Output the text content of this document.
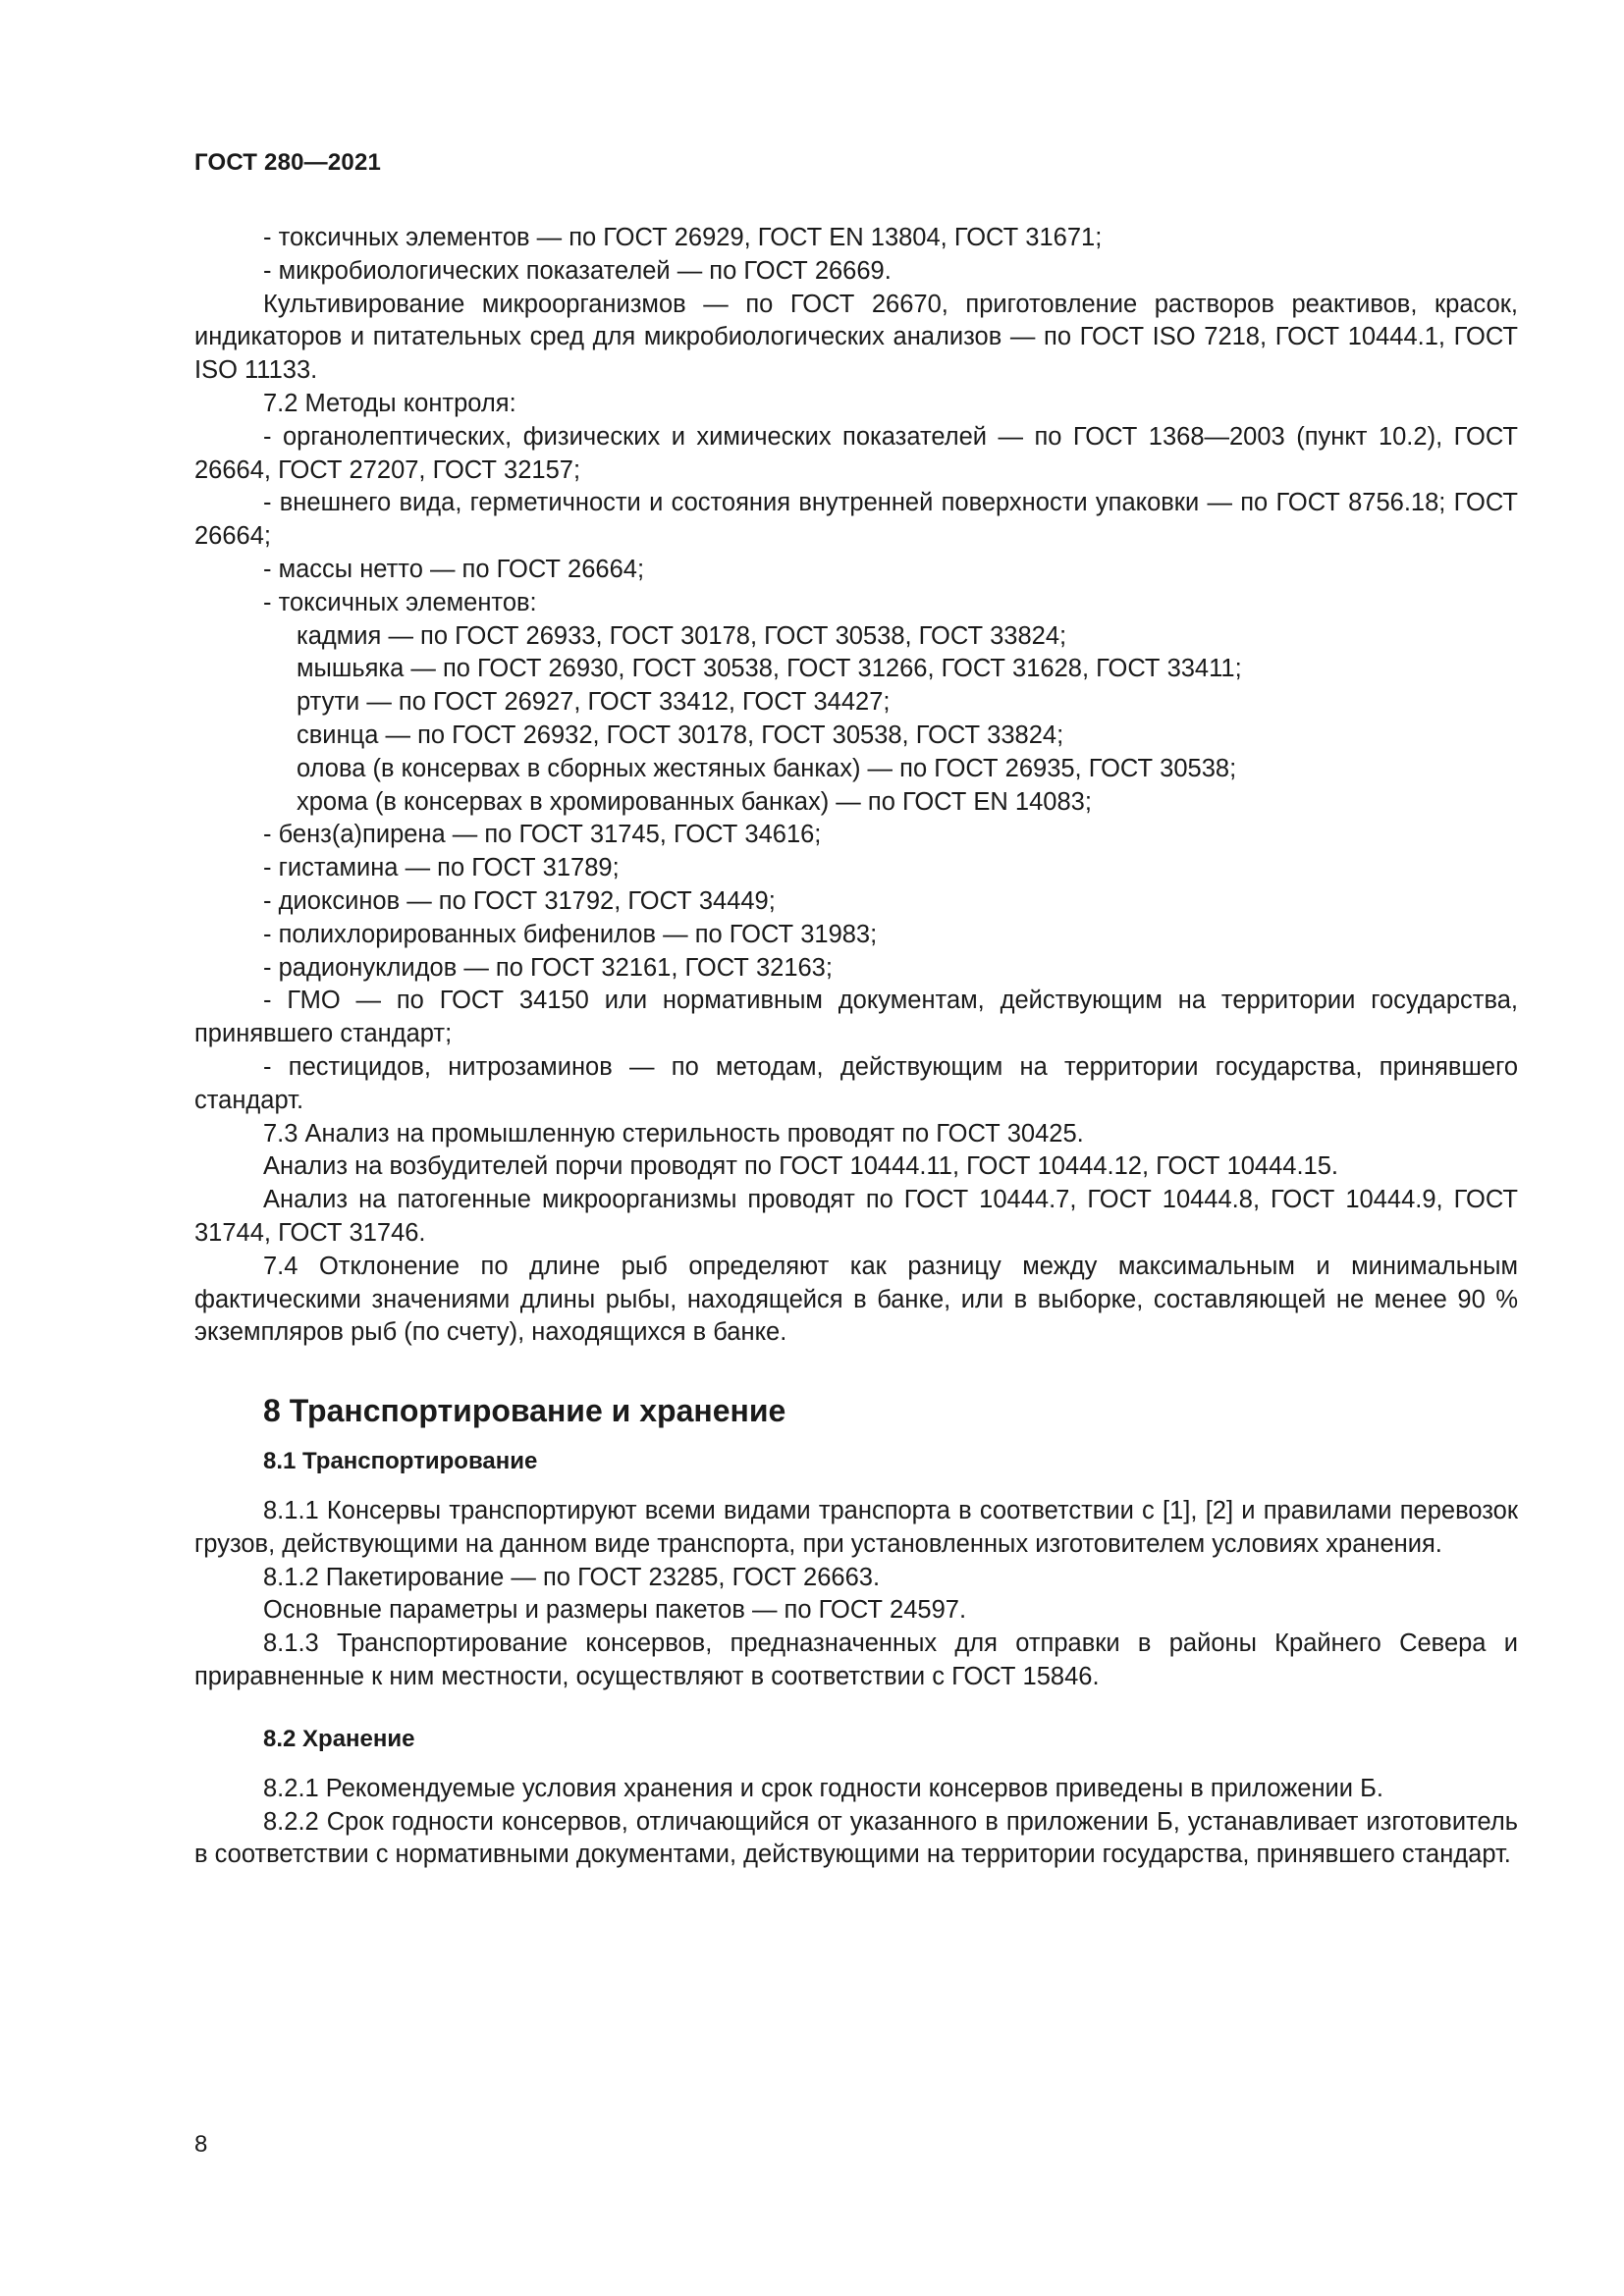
ГОСТ 280—2021

- токсичных элементов — по ГОСТ 26929, ГОСТ EN 13804, ГОСТ 31671;

- микробиологических показателей — по ГОСТ 26669.

Культивирование микроорганизмов — по ГОСТ 26670, приготовление растворов реактивов, красок, индикаторов и питательных сред для микробиологических анализов — по ГОСТ ISO 7218, ГОСТ 10444.1, ГОСТ ISO 11133.

7.2 Методы контроля:

- органолептических, физических и химических показателей — по ГОСТ 1368—2003 (пункт 10.2), ГОСТ 26664, ГОСТ 27207, ГОСТ 32157;

- внешнего вида, герметичности и состояния внутренней поверхности упаковки — по ГОСТ 8756.18; ГОСТ 26664;

- массы нетто — по ГОСТ 26664;

- токсичных элементов:

кадмия — по ГОСТ 26933, ГОСТ 30178, ГОСТ 30538, ГОСТ 33824;

мышьяка — по ГОСТ 26930, ГОСТ 30538, ГОСТ 31266, ГОСТ 31628, ГОСТ 33411;

ртути — по ГОСТ 26927, ГОСТ 33412, ГОСТ 34427;

свинца — по ГОСТ 26932, ГОСТ 30178, ГОСТ 30538, ГОСТ 33824;

олова (в консервах в сборных жестяных банках) — по ГОСТ 26935, ГОСТ 30538;

хрома (в консервах в хромированных банках) — по ГОСТ EN 14083;

- бенз(а)пирена — по ГОСТ 31745, ГОСТ 34616;

- гистамина — по ГОСТ 31789;

- диоксинов — по ГОСТ 31792, ГОСТ 34449;

- полихлорированных бифенилов — по ГОСТ 31983;

- радионуклидов — по ГОСТ 32161, ГОСТ 32163;

- ГМО — по ГОСТ 34150 или нормативным документам, действующим на территории государства, принявшего стандарт;

- пестицидов, нитрозаминов — по методам, действующим на территории государства, принявшего стандарт.

7.3 Анализ на промышленную стерильность проводят по ГОСТ 30425.

Анализ на возбудителей порчи проводят по ГОСТ 10444.11, ГОСТ 10444.12, ГОСТ 10444.15.

Анализ на патогенные микроорганизмы проводят по ГОСТ 10444.7, ГОСТ 10444.8, ГОСТ 10444.9, ГОСТ 31744, ГОСТ 31746.

7.4 Отклонение по длине рыб определяют как разницу между максимальным и минимальным фактическими значениями длины рыбы, находящейся в банке, или в выборке, составляющей не менее 90 % экземпляров рыб (по счету), находящихся в банке.

8 Транспортирование и хранение
8.1 Транспортирование

8.1.1 Консервы транспортируют всеми видами транспорта в соответствии с [1], [2] и правилами перевозок грузов, действующими на данном виде транспорта, при установленных изготовителем условиях хранения.

8.1.2 Пакетирование — по ГОСТ 23285, ГОСТ 26663.

Основные параметры и размеры пакетов — по ГОСТ 24597.

8.1.3 Транспортирование консервов, предназначенных для отправки в районы Крайнего Севера и приравненные к ним местности, осуществляют в соответствии с ГОСТ 15846.

8.2 Хранение

8.2.1 Рекомендуемые условия хранения и срок годности консервов приведены в приложении Б.

8.2.2 Срок годности консервов, отличающийся от указанного в приложении Б, устанавливает изготовитель в соответствии с нормативными документами, действующими на территории государства, принявшего стандарт.

8
